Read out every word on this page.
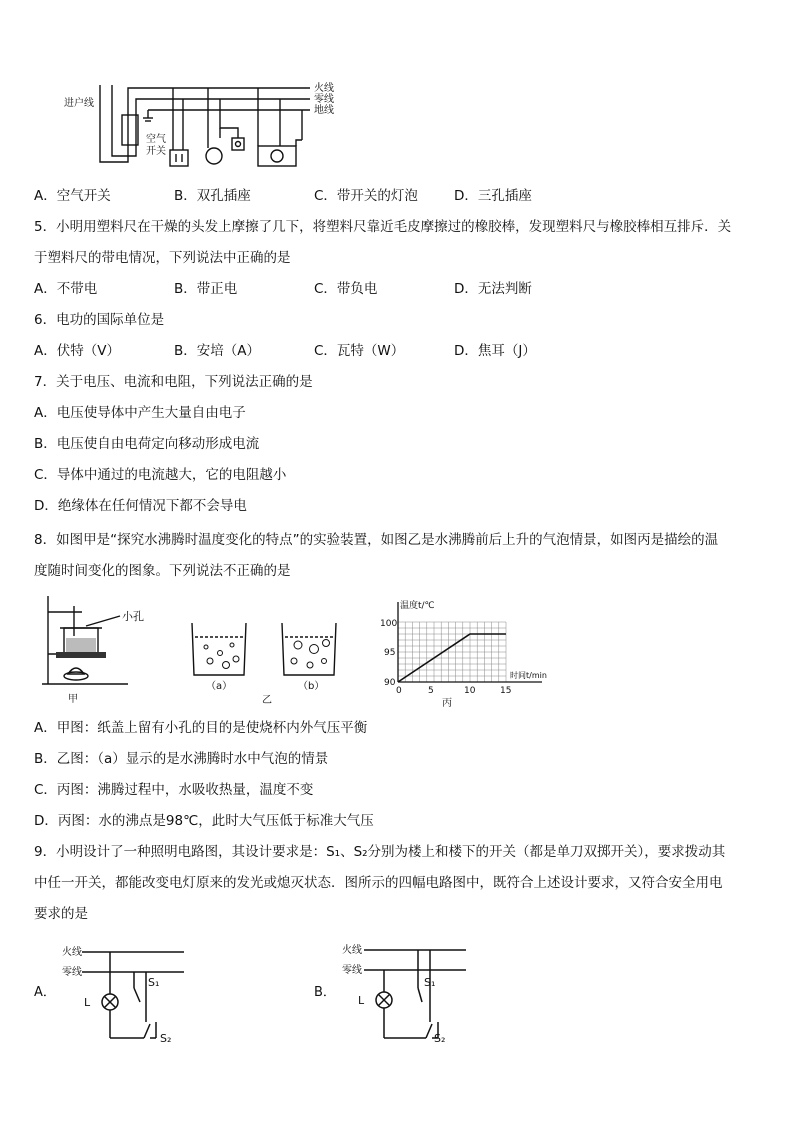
进户线
空气
开关
火线
零线
地线
A．空气开关	B．双孔插座	C．带开关的灯泡	D．三孔插座
5．小明用塑料尺在干燥的头发上摩擦了几下，将塑料尺靠近毛皮摩擦过的橡胶棒，发现塑料尺与橡胶棒相互排斥．关
于塑料尺的带电情况，下列说法中正确的是
A．不带电	B．带正电	C．带负电	D．无法判断
6．电功的国际单位是
A．伏特（V）	B．安培（A）	C．瓦特（W）	D．焦耳（J）
7．关于电压、电流和电阻，下列说法正确的是
A．电压使导体中产生大量自由电子
B．电压使自由电荷定向移动形成电流
C．导体中通过的电流越大，它的电阻越小
D．绝缘体在任何情况下都不会导电
8．如图甲是“探究水沸腾时温度变化的特点”的实验装置，如图乙是水沸腾前后上升的气泡情景，如图丙是描绘的温
度随时间变化的图象。下列说法不正确的是
小孔
甲
（a）	（b）
乙
温度t/℃
时间t/min
100
95
90
0	5	10	15
丙
A．甲图：纸盖上留有小孔的目的是使烧杯内外气压平衡
B．乙图：（a）显示的是水沸腾时水中气泡的情景
C．丙图：沸腾过程中，水吸收热量，温度不变
D．丙图：水的沸点是98℃，此时大气压低于标准大气压
9．小明设计了一种照明电路图，其设计要求是：S₁、S₂分别为楼上和楼下的开关（都是单刀双掷开关），要求拨动其
中任一开关，都能改变电灯原来的发光或熄灭状态．图所示的四幅电路图中，既符合上述设计要求，又符合安全用电
要求的是
火线
零线
L
S₁
S₂
A．
火线
零线
L
S₁
S₂
B．
